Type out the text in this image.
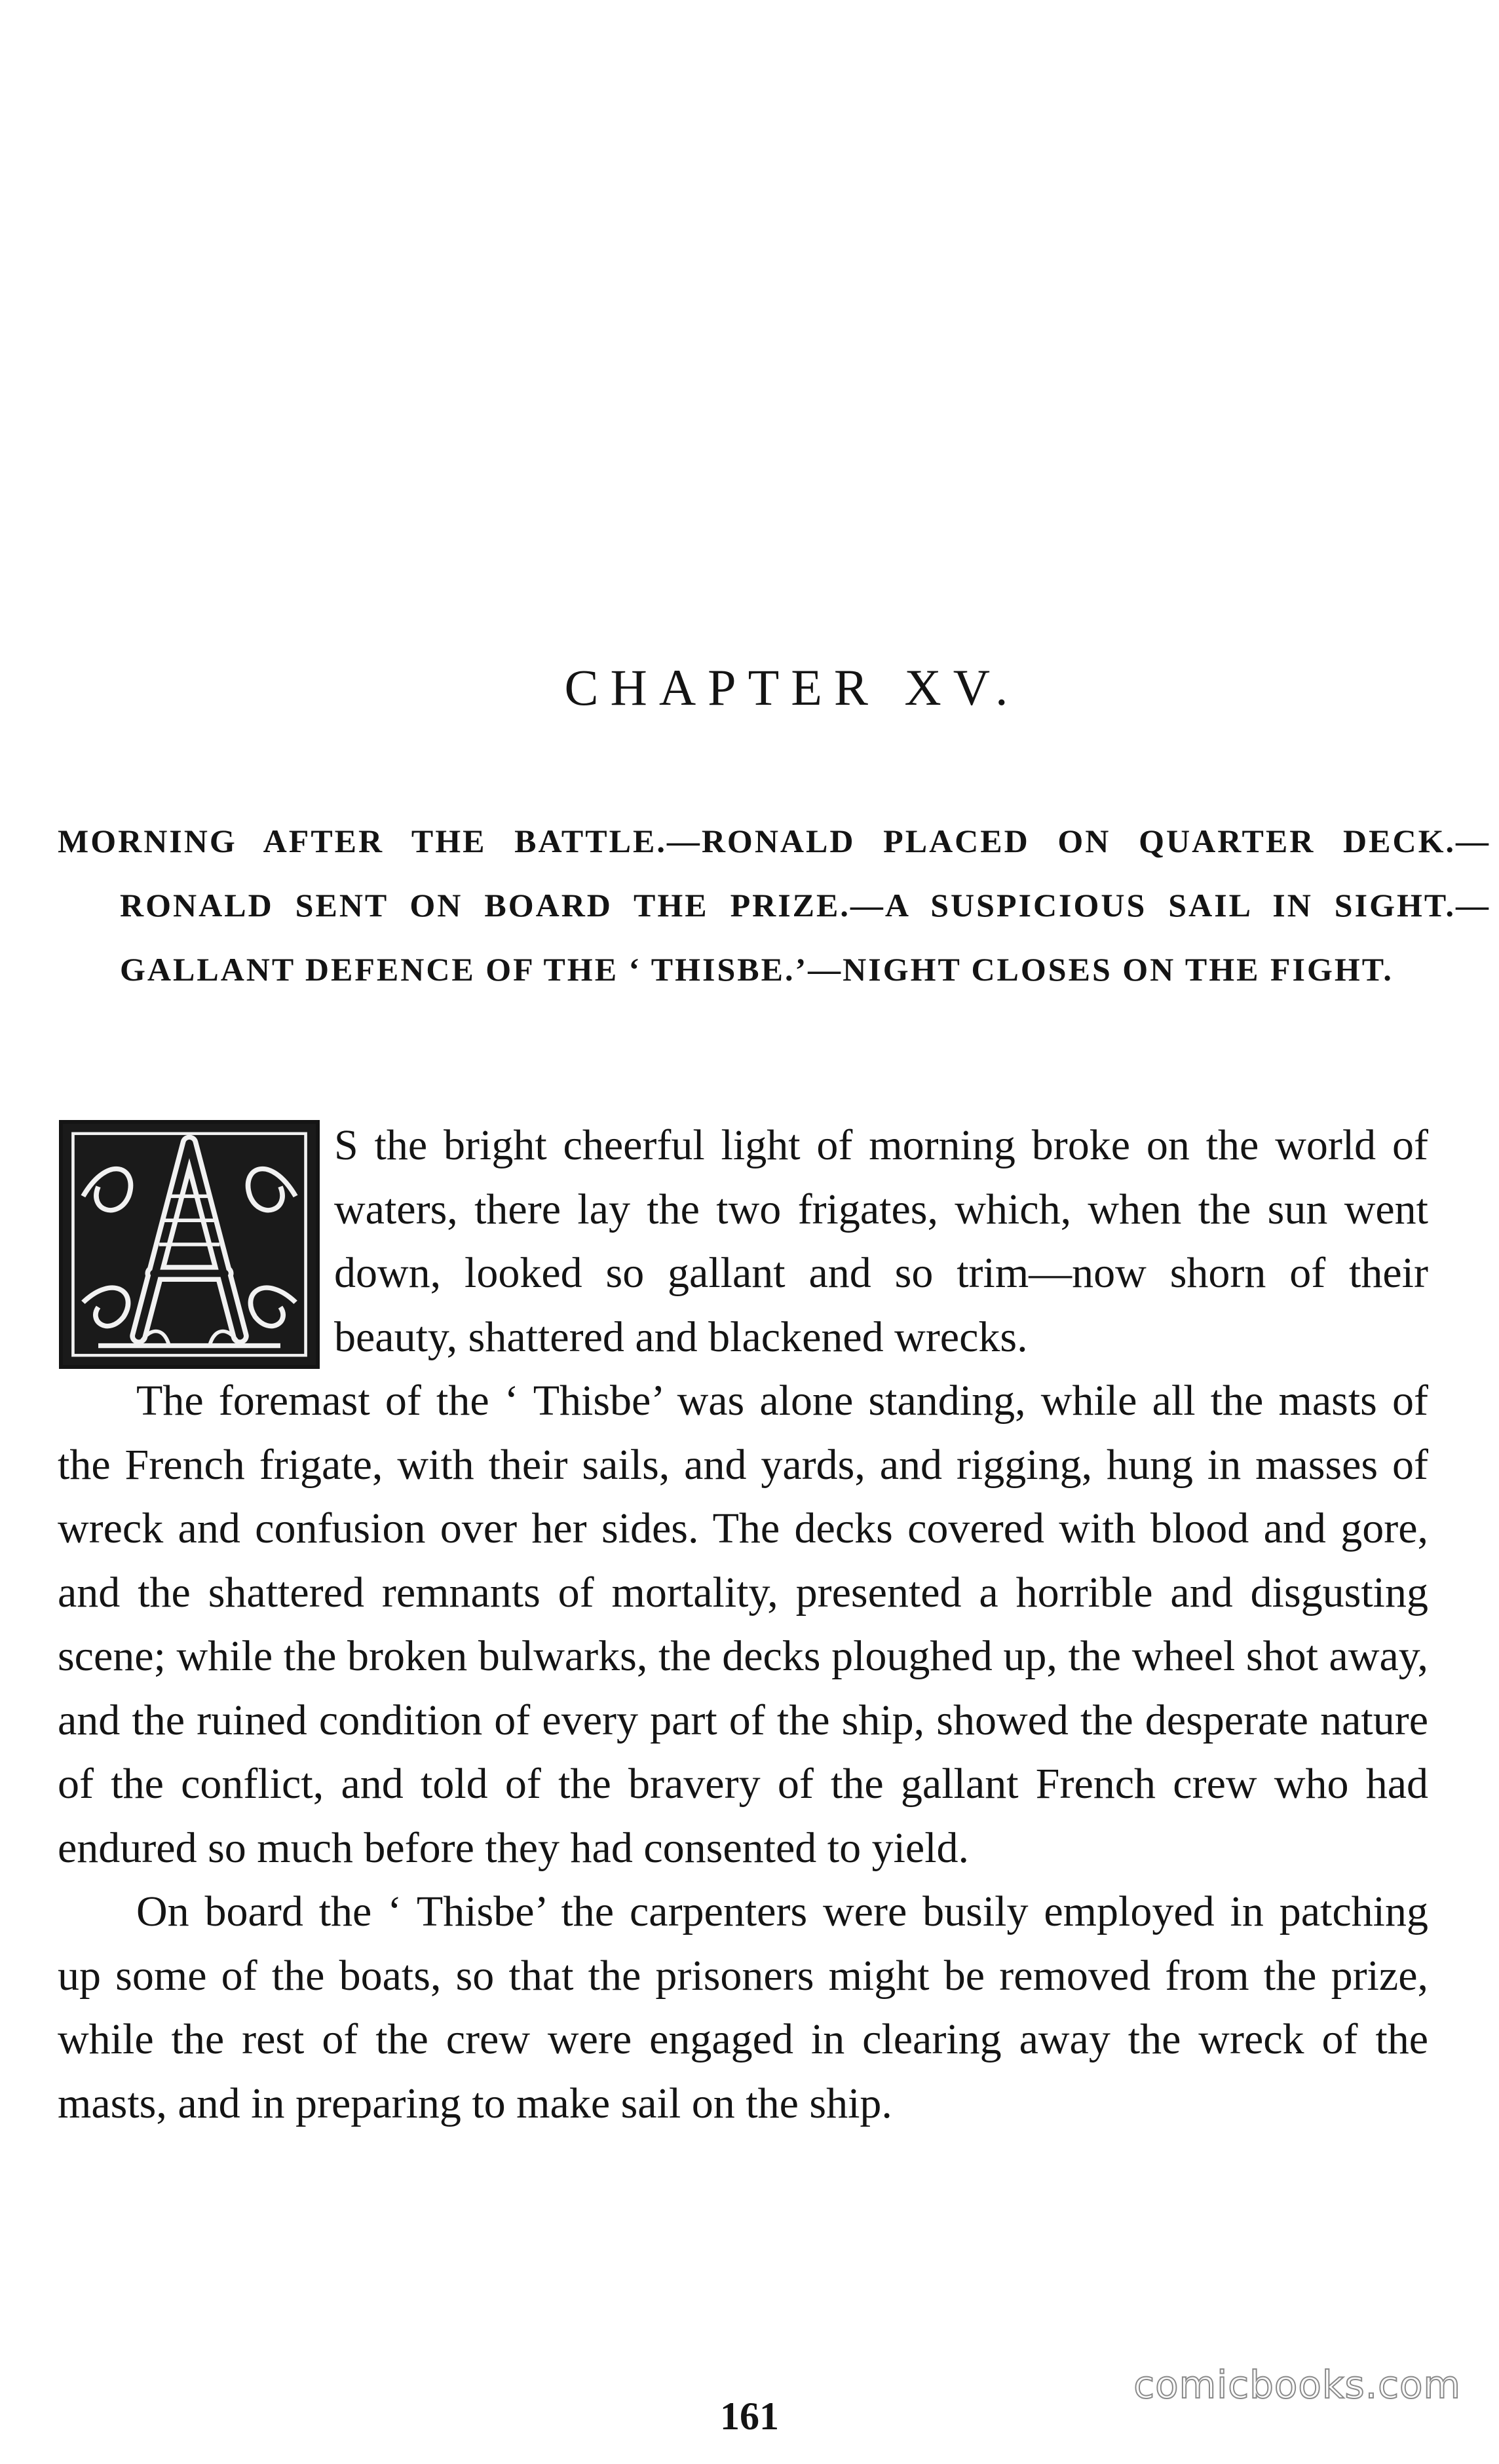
CHAPTER XV.

MORNING AFTER THE BATTLE.—RONALD PLACED ON QUARTER DECK.—RONALD SENT ON BOARD THE PRIZE.—A SUSPICIOUS SAIL IN SIGHT.—GALLANT DEFENCE OF THE ‘ THISBE.’—NIGHT CLOSES ON THE FIGHT.

S the bright cheerful light of morning broke on the world of waters, there lay the two frigates, which, when the sun went down, looked so gallant and so trim—now shorn of their beauty, shattered and blackened wrecks.

The foremast of the ‘ Thisbe’ was alone standing, while all the masts of the French frigate, with their sails, and yards, and rigging, hung in masses of wreck and confusion over her sides. The decks covered with blood and gore, and the shattered remnants of mortality, presented a horrible and disgusting scene; while the broken bulwarks, the decks ploughed up, the wheel shot away, and the ruined condition of every part of the ship, showed the desperate nature of the conflict, and told of the bravery of the gallant French crew who had endured so much before they had consented to yield.

On board the ‘ Thisbe’ the carpenters were busily employed in patching up some of the boats, so that the prisoners might be removed from the prize, while the rest of the crew were engaged in clearing away the wreck of the masts, and in preparing to make sail on the ship.

comicbooks.com
161
